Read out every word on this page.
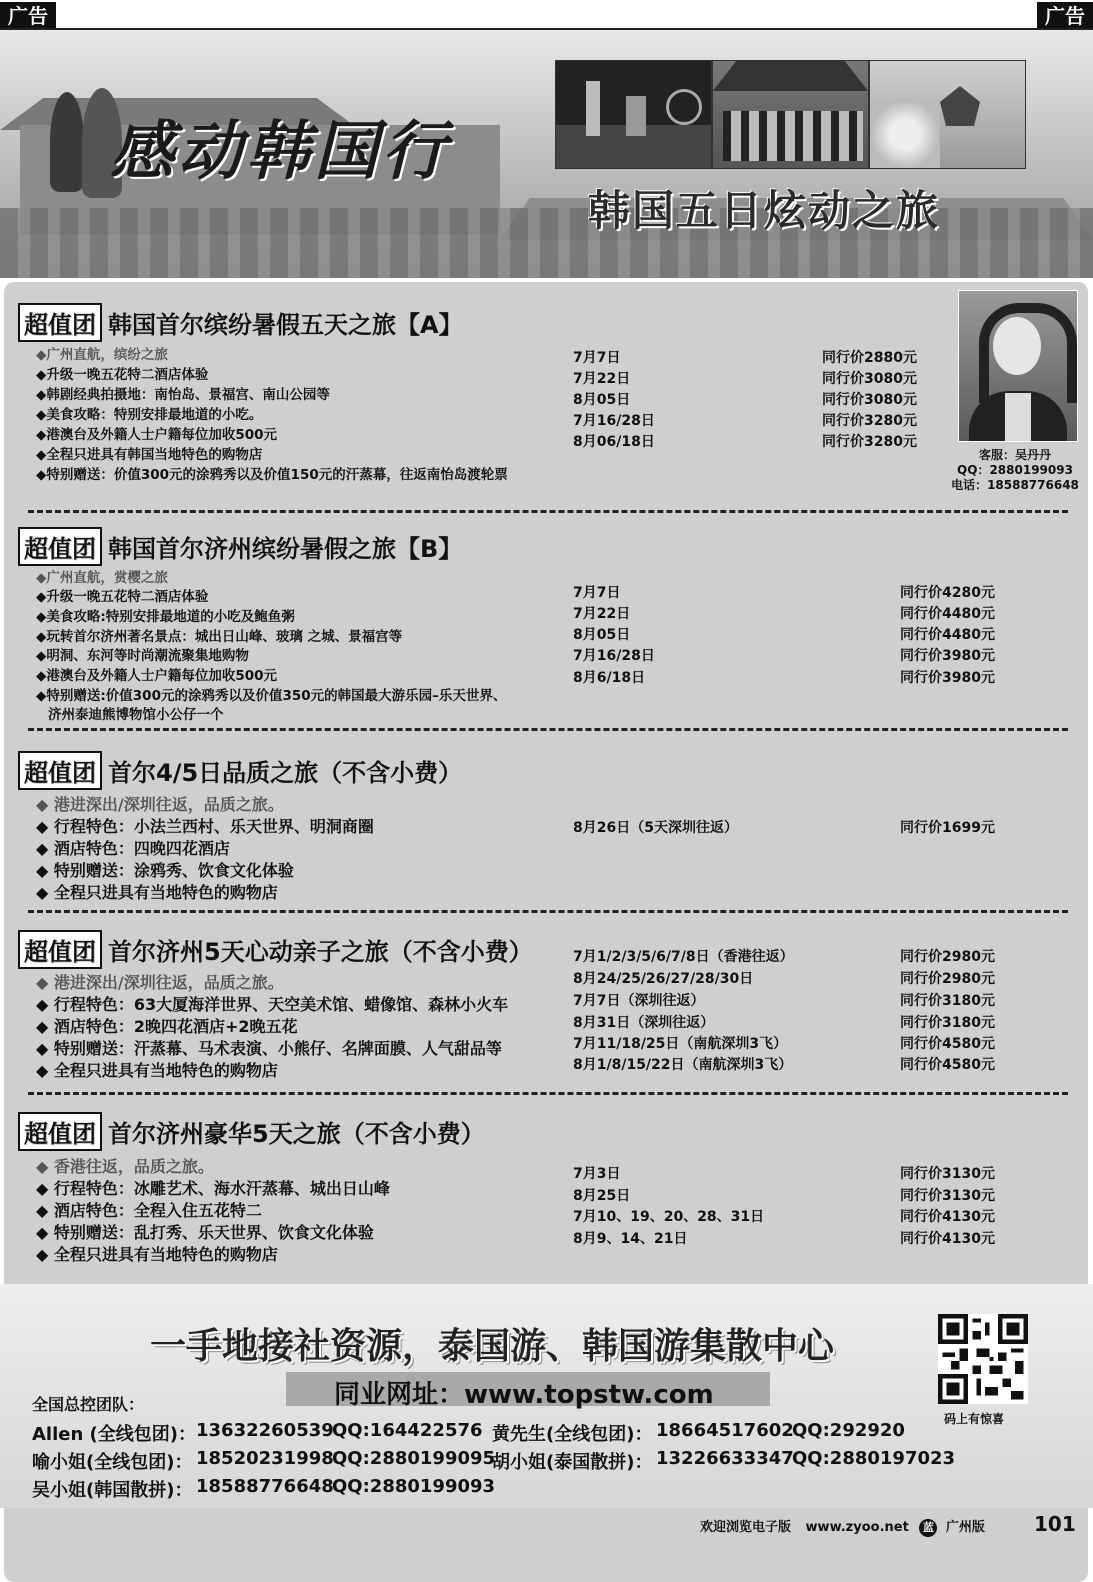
广告	广告
感动韩国行
韩国五日炫动之旅
客服：吴丹丹
QQ：2880199093
电话：18588776648
超值团 韩国首尔缤纷暑假五天之旅【A】
◆广州直航，缤纷之旅
◆升级一晚五花特二酒店体验
◆韩剧经典拍摄地：南怡岛、景福宫、南山公园等
◆美食攻略：特别安排最地道的小吃。
◆港澳台及外籍人士户籍每位加收500元
◆全程只进具有韩国当地特色的购物店
◆特别赠送：价值300元的涂鸦秀以及价值150元的汗蒸幕，往返南怡岛渡轮票
7月7日
7月22日
8月05日
7月16/28日
8月06/18日
同行价2880元
同行价3080元
同行价3080元
同行价3280元
同行价3280元
超值团 韩国首尔济州缤纷暑假之旅【B】
◆广州直航，赏樱之旅
◆升级一晚五花特二酒店体验
◆美食攻略:特别安排最地道的小吃及鲍鱼粥
◆玩转首尔济州著名景点：城出日山峰、玻璃 之城、景福宫等
◆明洞、东河等时尚潮流聚集地购物
◆港澳台及外籍人士户籍每位加收500元
◆特别赠送:价值300元的涂鸦秀以及价值350元的韩国最大游乐园–乐天世界、
济州泰迪熊博物馆小公仔一个
7月7日
7月22日
8月05日
7月16/28日
8月6/18日
同行价4280元
同行价4480元
同行价4480元
同行价3980元
同行价3980元
超值团 首尔4/5日品质之旅（不含小费）
◆ 港进深出/深圳往返，品质之旅。
◆ 行程特色：小法兰西村、乐天世界、明洞商圈
◆ 酒店特色：四晚四花酒店
◆ 特别赠送：涂鸦秀、饮食文化体验
◆ 全程只进具有当地特色的购物店
8月26日（5天深圳往返）	同行价1699元
超值团 首尔济州5天心动亲子之旅（不含小费）
◆ 港进深出/深圳往返，品质之旅。
◆ 行程特色：63大厦海洋世界、天空美术馆、蜡像馆、森林小火车
◆ 酒店特色：2晚四花酒店+2晚五花
◆ 特别赠送：汗蒸幕、马术表演、小熊仔、名牌面膜、人气甜品等
◆ 全程只进具有当地特色的购物店
7月1/2/3/5/6/7/8日（香港往返）
8月24/25/26/27/28/30日
7月7日（深圳往返）
8月31日（深圳往返）
7月11/18/25日（南航深圳3飞）
8月1/8/15/22日（南航深圳3飞）
同行价2980元
同行价2980元
同行价3180元
同行价3180元
同行价4580元
同行价4580元
超值团 首尔济州豪华5天之旅（不含小费）
◆ 香港往返，品质之旅。
◆ 行程特色：冰雕艺术、海水汗蒸幕、城出日山峰
◆ 酒店特色：全程入住五花特二
◆ 特别赠送：乱打秀、乐天世界、饮食文化体验
◆ 全程只进具有当地特色的购物店
7月3日
8月25日
7月10、19、20、28、31日
8月9、14、21日
同行价3130元
同行价3130元
同行价4130元
同行价4130元
一手地接社资源，泰国游、韩国游集散中心
同业网址：www.topstw.com
码上有惊喜
全国总控团队：
Allen (全线包团)： 13632260539
QQ:164422576 黄先生(全线包团)： 18664517602
QQ:292920
喻小姐(全线包团)： 18520231998
QQ:2880199095
胡小姐(泰国散拼)： 13226633347
QQ:2880197023
吴小姐(韩国散拼)： 18588776648
QQ:2880199093
欢迎浏览电子版 www.zyoo.net 蓝 广州版 101
